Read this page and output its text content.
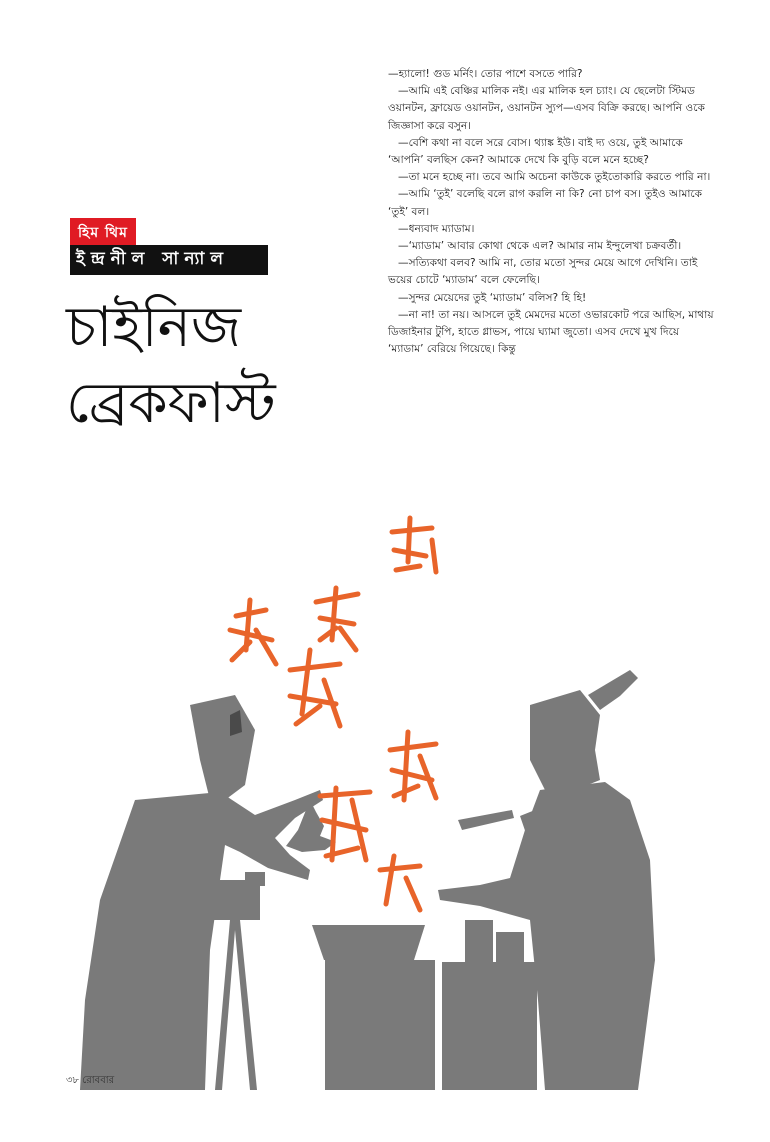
হিম থিম
ইন্দ্রনীল সান্যাল
চাইনিজ
ব্রেকফাস্ট

—হ্যালো! গুড মর্নিং। তোর পাশে বসতে পারি?

—আমি এই বেঞ্চির মালিক নই। এর মালিক হল চ্যাং। যে ছেলেটা স্টিমড ওয়ানটন, ফ্রায়েড ওয়ানটন, ওয়ানটন স্যুপ—এসব বিক্রি করছে। আপনি ওকে জিজ্ঞাসা করে বসুন।

—বেশি কথা না বলে সরে বোস। থ্যাঙ্ক ইউ। বাই দ্য ওয়ে, তুই আমাকে ‘আপনি’ বলছিস কেন? আমাকে দেখে কি বুড়ি বলে মনে হচ্ছে?

—তা মনে হচ্ছে না। তবে আমি অচেনা কাউকে তুইতোকারি করতে পারি না।

—আমি ‘তুই’ বলেছি বলে রাগ করলি না কি? নো চাপ বস। তুইও আমাকে ‘তুই’ বল।

—ধন্যবাদ ম্যাডাম।

—‘ম্যাডাম’ আবার কোথা থেকে এল? আমার নাম ইন্দুলেখা চক্রবর্তী।

—সত্যিকথা বলব? আমি না, তোর মতো সুন্দর মেয়ে আগে দেখিনি। তাই ভয়ের চোটে ‘ম্যাডাম’ বলে ফেলেছি।

—সুন্দর মেয়েদের তুই ‘ম্যাডাম’ বলিস? হি হি!

—না না! তা নয়। আসলে তুই মেমদের মতো ওভারকোট পরে আছিস, মাথায় ডিজাইনার টুপি, হাতে গ্লাভস, পায়ে ঘ্যামা জুতো। এসব দেখে মুখ দিয়ে ‘ম্যাডাম’ বেরিয়ে গিয়েছে। কিন্তু

৩৮ রোববার
